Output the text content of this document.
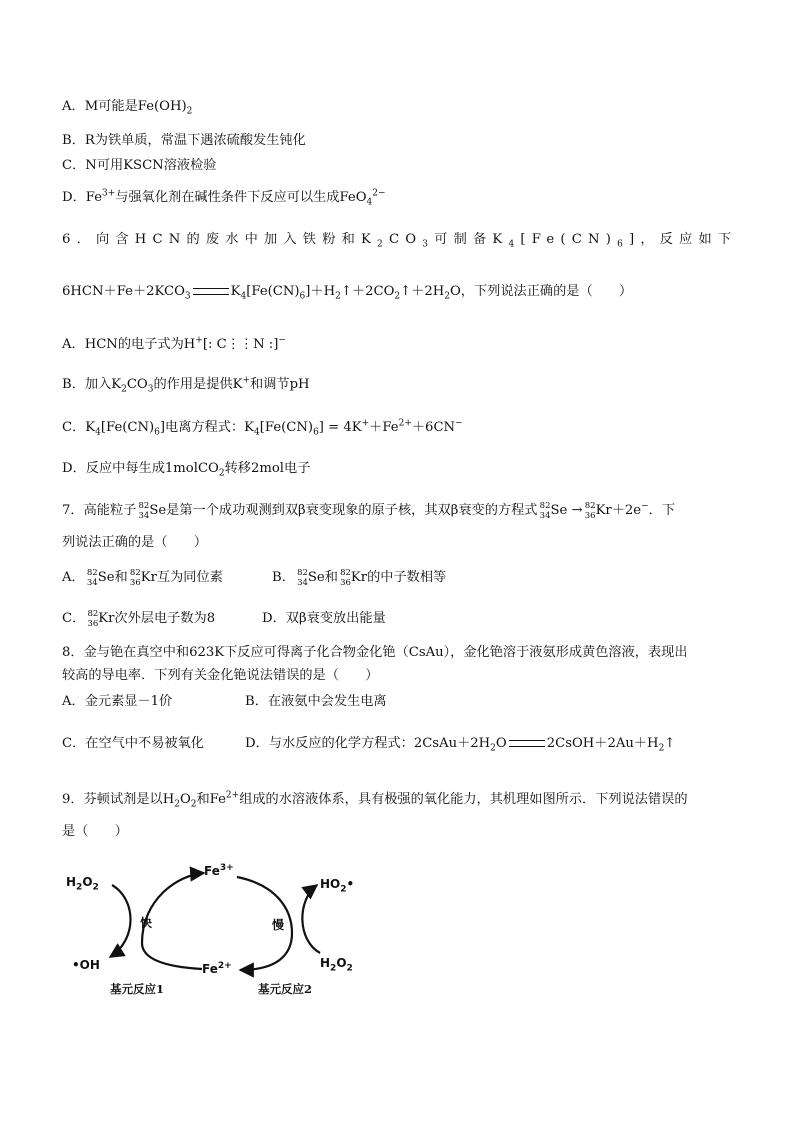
A．M可能是$Fe(OH)_2$
B．R为铁单质，常温下遇浓硫酸发生钝化
C．N可用KSCN溶液检验
D．$Fe^{3+}$与强氧化剂在碱性条件下反应可以生成FeO$_4^{2-}$
6．向含HCN的废水中加入铁粉和$K_2CO_3$可制备$K_4[Fe(CN)_6]$，反应如下
$6HCN+Fe+2KCO_3$	$K_4[Fe(CN)_6]+H_2↑+2CO_2↑+2H_2O$，下列说法正确的是（　　）
A．HCN的电子式为H+[: C⋮⋮N :]−
B．加入$K_2CO_3$的作用是提供K+和调节pH
C．$K_4[Fe(CN)_6]$电离方程式：$K_4[Fe(CN)_6] = 4K^++Fe^{2+}+6CN^-$
D．反应中每生成1molCO$_2$转移2mol电子
7．高能粒子 82
34 Se是第一个成功观测到双β衰变现象的原子核，其双β衰变的方程式 82
34 Se → 82
36 Kr＋2e−．下
列说法正确的是（　　）
A． 82
34 Se和 82
36 Kr互为同位素	B． 82
34 Se和 82
36 Kr的中子数相等
C． 82
36 Kr次外层电子数为8	D．双β衰变放出能量
8．金与铯在真空中和623K下反应可得离子化合物金化铯（CsAu），金化铯溶于液氨形成黄色溶液，表现出
较高的导电率．下列有关金化铯说法错误的是（　　）
A．金元素显－1价	B．在液氨中会发生电离
C．在空气中不易被氧化	D．与水反应的化学方程式：$2CsAu+2H_2O$	$2CsOH+2Au+H_2↑$
9．芬顿试剂是以$H_2O_2$和$Fe^{2+}$组成的水溶液体系，具有极强的氧化能力，其机理如图所示．下列说法错误的
是（　　）
$H_2O_2$
•OH
$Fe^{3+}$
$Fe^{2+}$
$HO_2•$
$H_2O_2$
快	慢
基元反应1	基元反应2
